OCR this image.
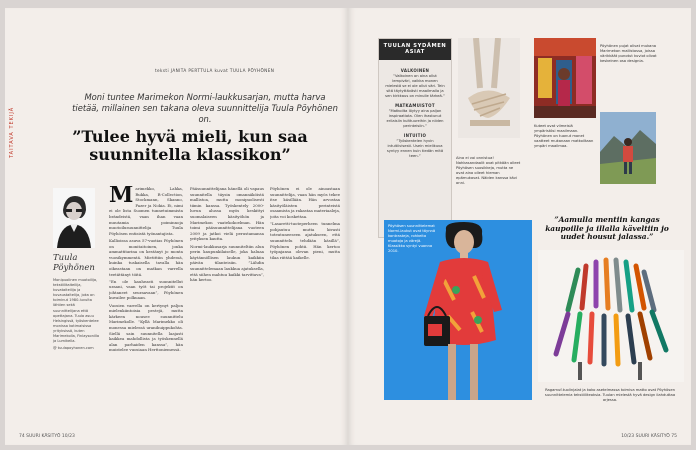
TAITAVA TEKIJÄ
teksti JANITA PERTTULA kuvat TUULA PÖYHÖNEN
Moni tuntee Marimekon Normi-laukkusarjan, mutta harva tietää, millainen sen takana oleva suunnittelija Tuula Pöyhönen on.
”Tulee hyvä mieli, kun saa suunnitella klassikon”
Tuula Pöyhönen
Monipuolinen muotoilija, tekstiilitaiteilija, kuvataiteilija ja kuvaustaitelija, joka on toiminut 1980-luvulta lähtien sekä suunnittelijana että opettajana. Tuula asuu Helsingissä, työskentelee monissa kotimaisissa yrityksissä, kuten Marimekolla, Finlaysonilla ja Lumikella.
@ tuulapoyhonen.com

Marimekko, Lahka, Rukka, R-Collection, Stockmann, Skanno, Fazer ja Nokia. Ei, nimi ei ole lista Suomen tunnetuimmista brändeistä, vaan ihan vaan muutamia poiminnoja muotoilusuunnittelija Tuula Pöyhösen entisistä työnantajista.

Kallioissa asuva 57-vuotias Pöyhönen on monitaitoinen, jonka ammattitarina on kestänyt jo monta vuosikymmentä. Mietittiin yhdessä, kuinka tuskaisella tavalla hän oikeastaan on matkan varrella teetättänyt töitä.

”En ole kauheasti suunnitellut uraani, vaan työt tai projektit on johtaneet seuraavaan”, Pöyhönen kuvailee polkuaan.

Vuosien varrella on kertynyt paljon mielenkiintoisia pestejä, mutta kärkeen nousee suunnittelu Marimekolle. ”Kyllä Marimekko oli monessa mielessä uranihuippukohta. Siellä sain suunnitella laajasti kaikkea mahdollista ja työskennellä alan parhaiden kanssa”, hän muistelee vuosiaan Herttoniemessä.

Pääsuunnittelijana hänellä oli vapaus suunnitella täysin omannäköistä mallistoa, mutta monipuolisesti tiimin kanssa. Työskentely 2000-luvun alussa myös keskittyi suomalaiseen käsityöhön ja Marimekon vaatekokoelman. Hän toimi pääsuunnittelijana vuoteen 2009 ja jatkoi vielä perustamansa yrityksen kautta.

Normi-laukkusarja suunniteltiin alun perin kaupunkilaiselle, joka haluaa käytännöllisen laukun kaikkiin päivän tilanteisiin. ”Lähdin suunnittelemaan laukkua ajatuksella, että siihen mahtuu kaikki tarvittava”, hän kertoo.

Pöyhönen ei ole ainoastaan suunnittelija, vaan hän myös tekee itse käsillään. Hän arvostaa käsityöläisten perinteistä osaamista ja rakastaa materiaaleja, joita voi koskettaa.

”Lasaretti-tuoteperheen tunnelma pohjautuu mutta kivasti toteutuneeseen ajatukseen, että suunnittelu tehdään käsillä”, Pöyhönen pohtii. Hän kertoo työpajansa olevan pieni, mutta tilaa riittää kaikelle.

74 SUURI KÄSITYÖ 10/23
TUULAN SYDÄMEN ASIAT
VALKOINEN
”Valkoinen on aina ollut lempiväri, vaikka monen mielestä se ei ole ollut väri. Tein sitä täytyttävästi maailmalla ja sen kirkkaus on minulle tärkeä.”
MATKAMUISTOT
”Matkoilta löytyy aina paljon inspiraatiota. Olen ihastunut erilaisiin kulttuureihin ja niiden perinteisiin.”
INTUITIO
”Työskentelen hyvin intuitiivisesti. Usein mielikuva syntyy ennen kuin tiedän mitä teen.”
Aina ei voi onnistua! Nahkasandaalit ovat pitkään olleet Pöyhösen suosikkeja, mutta ne ovat aina olleet hieman epämukavat. Näiden kanssa kävi onni.
Pöyhönen pujat olivat mukana Marimekon mallistossa, joissa värikkäät punotut kuviot olivat keskeinen osa designia.
Kuteet ovat viimeisiä ympäristösi maailmaan. Pöyhönen on tuonut monet vaatteet mukanaan matkoiltaan ympäri maailmaa.
Pöyhösen suunnittelemat Normi-laukut ovat täynnä kontrasteja, rohkeita muotoja ja värejä. Klassikko syntyi vuonna 2010.
”Aamulla mentiin kangas kaupoille ja illalla käveltiin jo uudet housut jalassa.”
Ragamuf-tuolinjalat ja koko asetelmassa toimiva matto ovat Pöyhösen suunnittelemia tekstiiliteoksia. Tuulan mielestä hyvä design ilahduttaa arjessa.
10/23 SUURI KÄSITYÖ 75
